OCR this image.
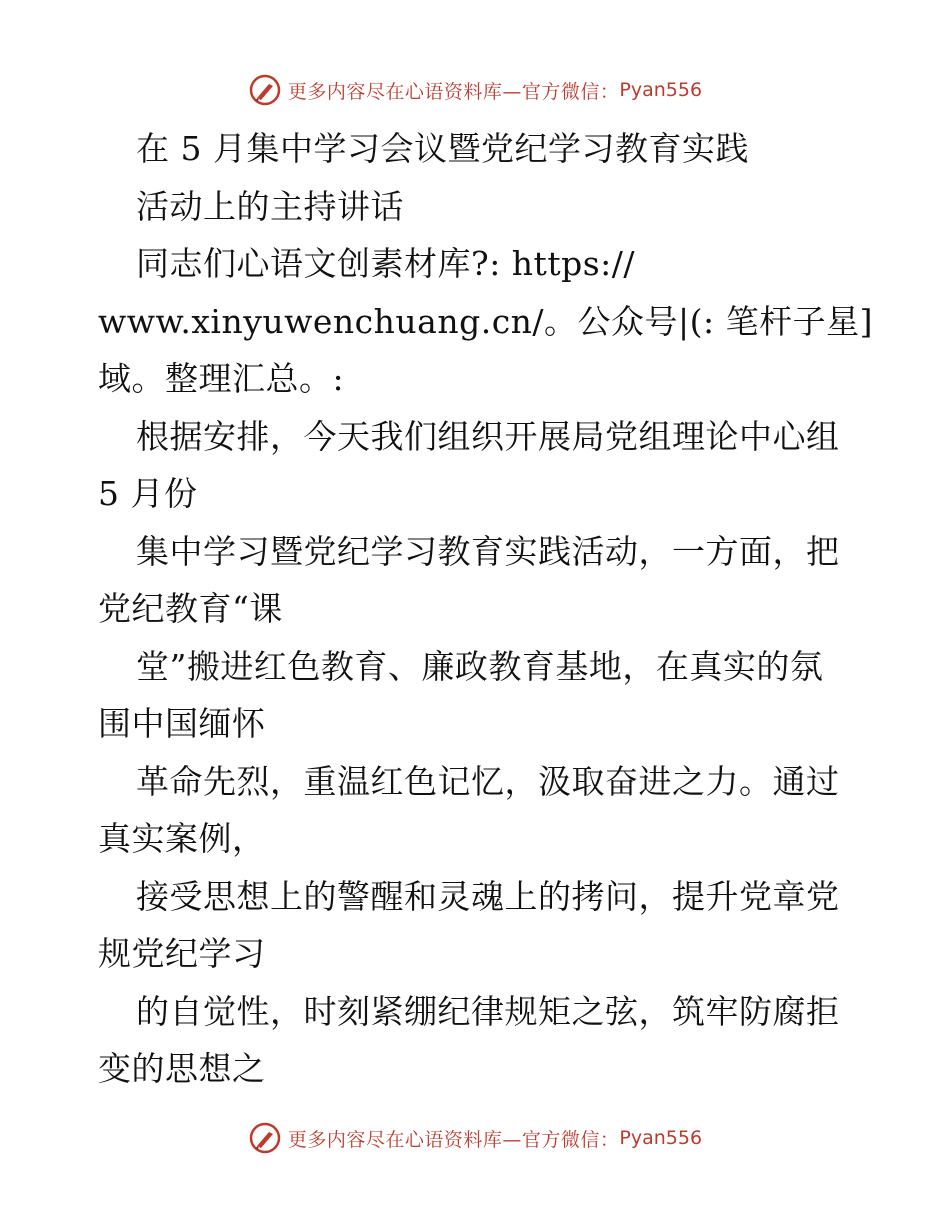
更多内容尽在心语资料库—官方微信： Pyan556
在 5 月集中学习会议暨党纪学习教育实践
活动上的主持讲话
同志们心语文创素材库?: https://
www.xinyuwenchuang.cn/。公众号|(: 笔杆子星]
域。整理汇总。:
根据安排，今天我们组织开展局党组理论中心组
5 月份
集中学习暨党纪学习教育实践活动，一方面，把
党纪教育“课
堂”搬进红色教育、廉政教育基地，在真实的氛
围中国缅怀
革命先烈，重温红色记忆，汲取奋进之力。通过
真实案例，
接受思想上的警醒和灵魂上的拷问，提升党章党
规党纪学习
的自觉性，时刻紧绷纪律规矩之弦，筑牢防腐拒
变的思想之
更多内容尽在心语资料库—官方微信： Pyan556
